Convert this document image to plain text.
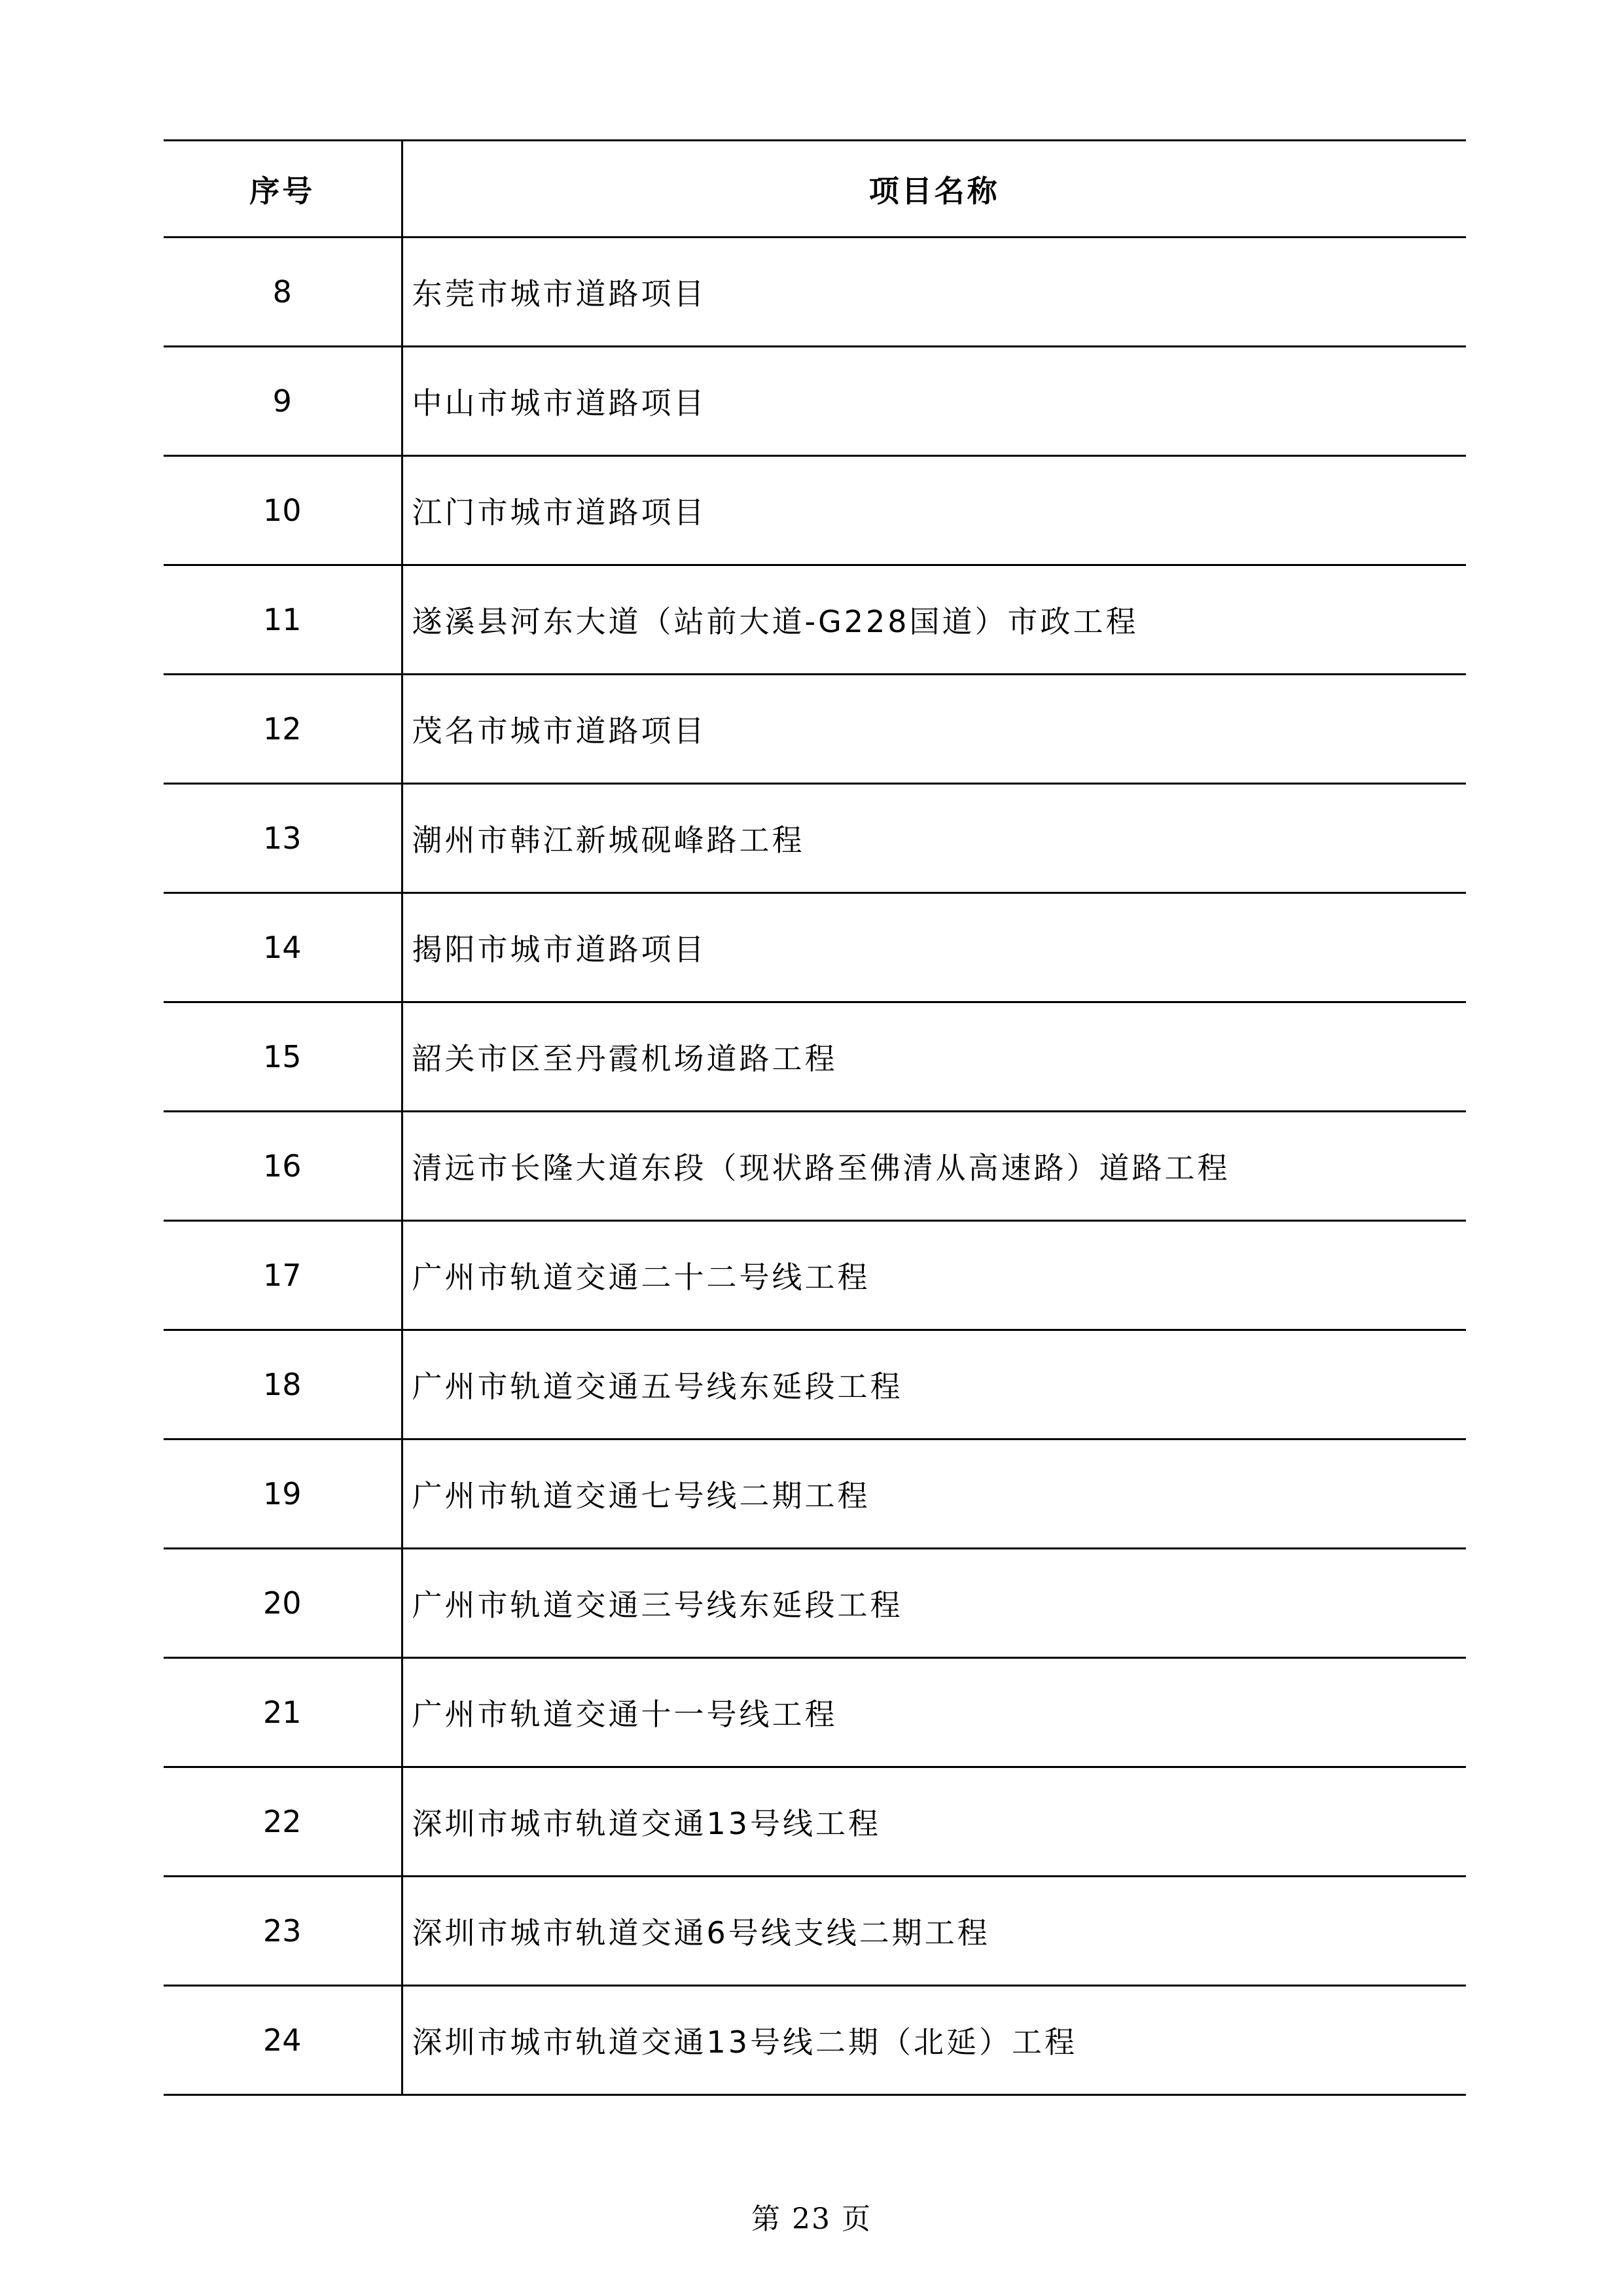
序号	项目名称
8	东莞市城市道路项目
9	中山市城市道路项目
10	江门市城市道路项目
11	遂溪县河东大道（站前大道-G228国道）市政工程
12	茂名市城市道路项目
13	潮州市韩江新城砚峰路工程
14	揭阳市城市道路项目
15	韶关市区至丹霞机场道路工程
16	清远市长隆大道东段（现状路至佛清从高速路）道路工程
17	广州市轨道交通二十二号线工程
18	广州市轨道交通五号线东延段工程
19	广州市轨道交通七号线二期工程
20	广州市轨道交通三号线东延段工程
21	广州市轨道交通十一号线工程
22	深圳市城市轨道交通13号线工程
23	深圳市城市轨道交通6号线支线二期工程
24	深圳市城市轨道交通13号线二期（北延）工程
第 23 页
